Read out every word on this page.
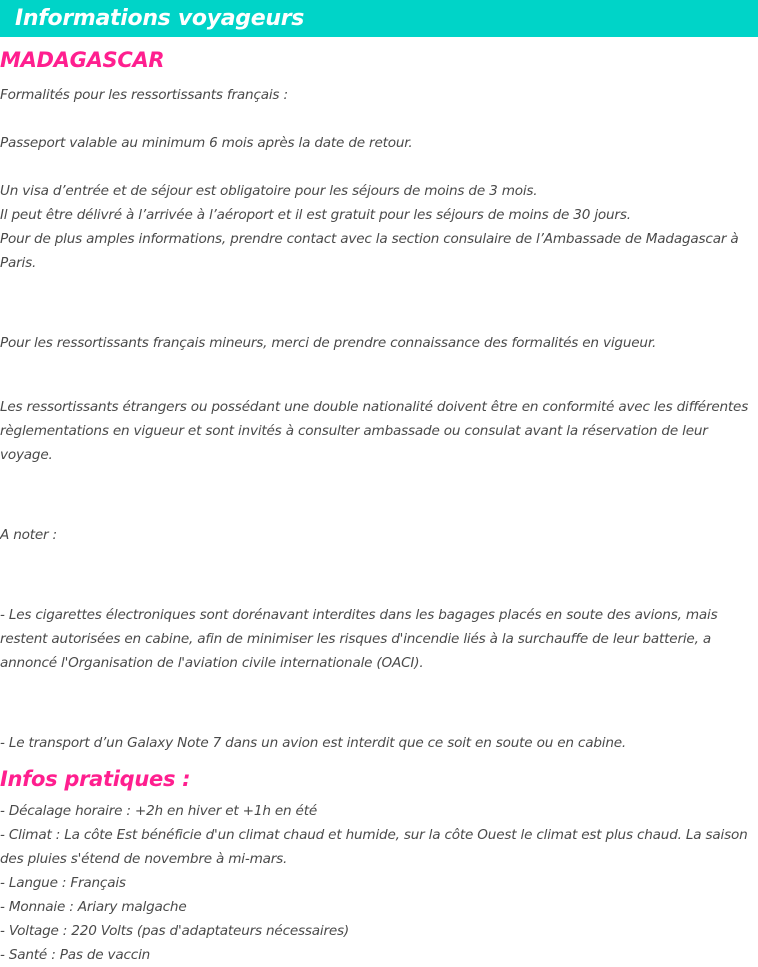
Informations voyageurs
MADAGASCAR

Formalités pour les ressortissants français :

Passeport valable au minimum 6 mois après la date de retour.

Un visa d’entrée et de séjour est obligatoire pour les séjours de moins de 3 mois.

Il peut être délivré à l’arrivée à l’aéroport et il est gratuit pour les séjours de moins de 30 jours.

Pour de plus amples informations, prendre contact avec la section consulaire de l’Ambassade de Madagascar à Paris.

Pour les ressortissants français mineurs, merci de prendre connaissance des formalités en vigueur.

Les ressortissants étrangers ou possédant une double nationalité doivent être en conformité avec les différentes règlementations en vigueur et sont invités à consulter ambassade ou consulat avant la réservation de leur voyage.

A noter :

- Les cigarettes électroniques sont dorénavant interdites dans les bagages placés en soute des avions, mais restent autorisées en cabine, afin de minimiser les risques d'incendie liés à la surchauffe de leur batterie, a annoncé l'Organisation de l'aviation civile internationale (OACI).

- Le transport d’un Galaxy Note 7 dans un avion est interdit que ce soit en soute ou en cabine.

Infos pratiques :

- Décalage horaire : +2h en hiver et +1h en été

- Climat : La côte Est bénéficie d'un climat chaud et humide, sur la côte Ouest le climat est plus chaud. La saison des pluies s'étend de novembre à mi-mars.

- Langue : Français

- Monnaie : Ariary malgache

- Voltage : 220 Volts (pas d'adaptateurs nécessaires)

- Santé : Pas de vaccin
